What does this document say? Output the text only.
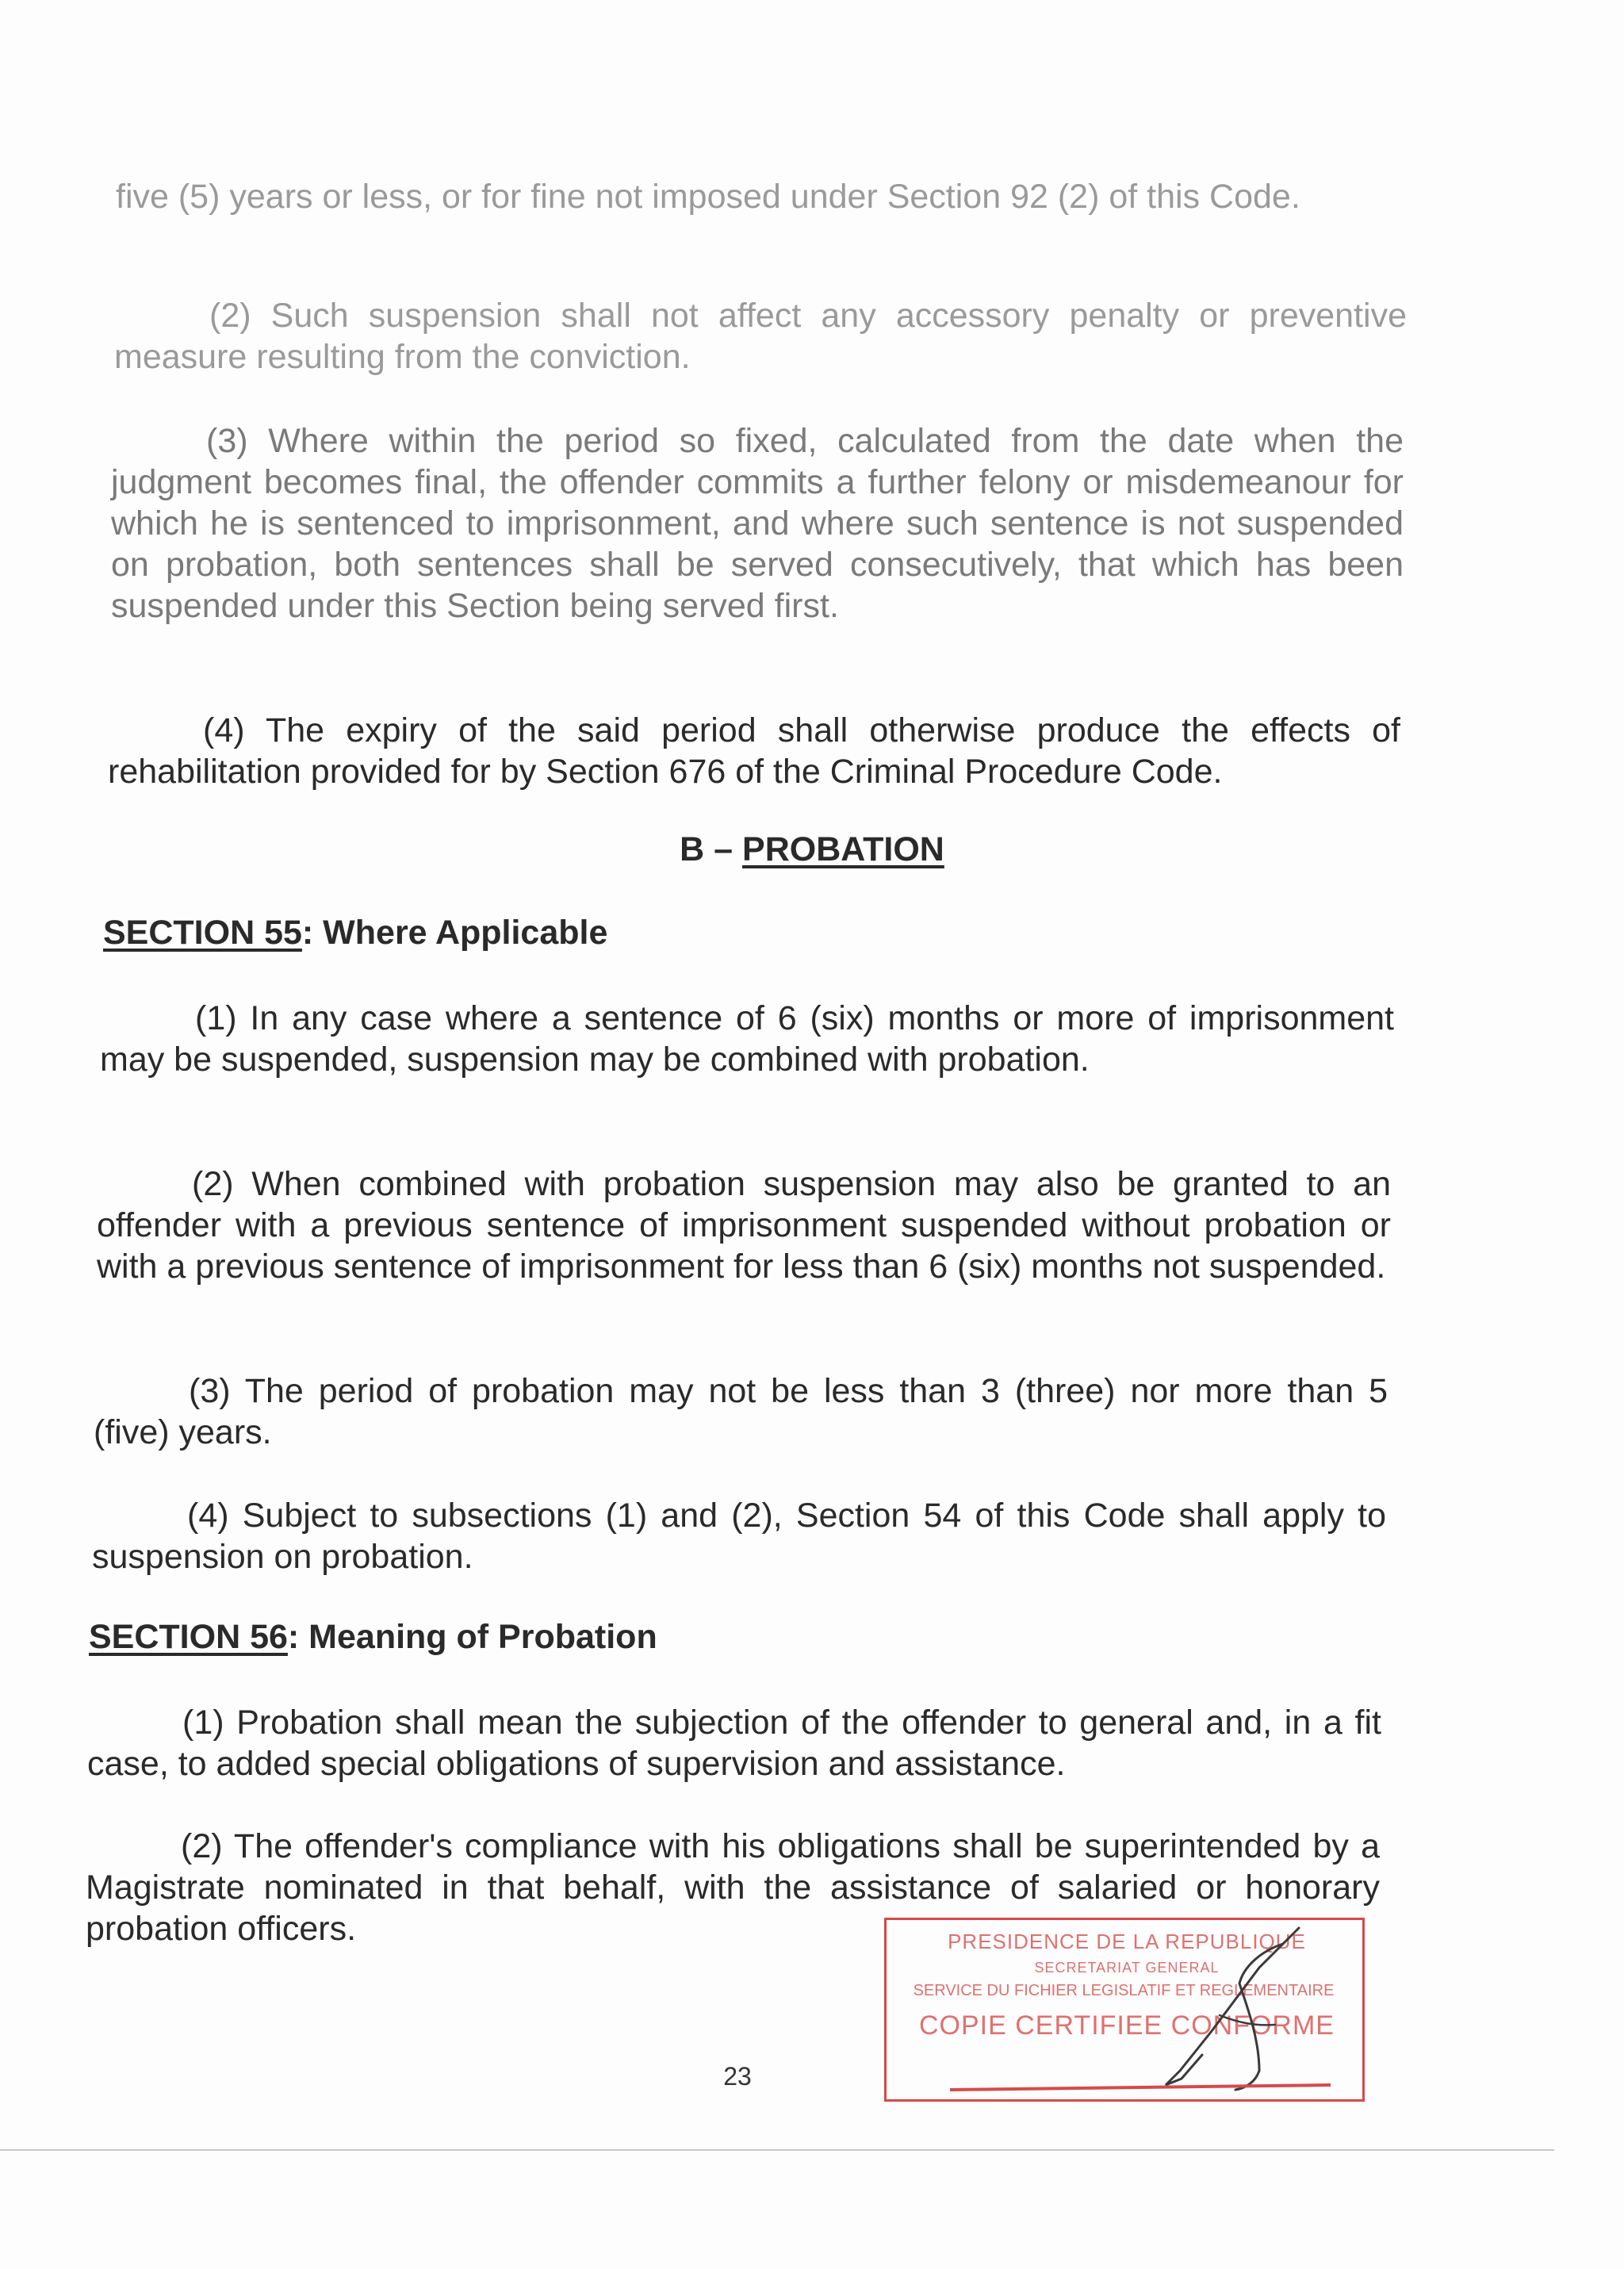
five (5) years or less, or for fine not imposed under Section 92 (2) of this Code.

(2) Such suspension shall not affect any accessory penalty or preventive measure resulting from the conviction.

(3) Where within the period so fixed, calculated from the date when the judgment becomes final, the offender commits a further felony or misdemeanour for which he is sentenced to imprisonment, and where such sentence is not suspended on probation, both sentences shall be served consecutively, that which has been suspended under this Section being served first.

(4) The expiry of the said period shall otherwise produce the effects of rehabilitation provided for by Section 676 of the Criminal Procedure Code.

B – PROBATION

SECTION 55: Where Applicable

(1) In any case where a sentence of 6 (six) months or more of imprisonment may be suspended, suspension may be combined with probation.

(2) When combined with probation suspension may also be granted to an offender with a previous sentence of imprisonment suspended without probation or with a previous sentence of imprisonment for less than 6 (six) months not suspended.

(3) The period of probation may not be less than 3 (three) nor more than 5 (five) years.

(4) Subject to subsections (1) and (2), Section 54 of this Code shall apply to suspension on probation.

SECTION 56: Meaning of Probation

(1) Probation shall mean the subjection of the offender to general and, in a fit case, to added special obligations of supervision and assistance.

(2) The offender's compliance with his obligations shall be superintended by a Magistrate nominated in that behalf, with the assistance of salaried or honorary probation officers.	PRESIDENCE DE LA REPUBLIQUE
SECRETARIAT GENERAL
SERVICE DU FICHIER LEGISLATIF ET REGLEMENTAIRE
COPIE CERTIFIEE CONFORME
23
